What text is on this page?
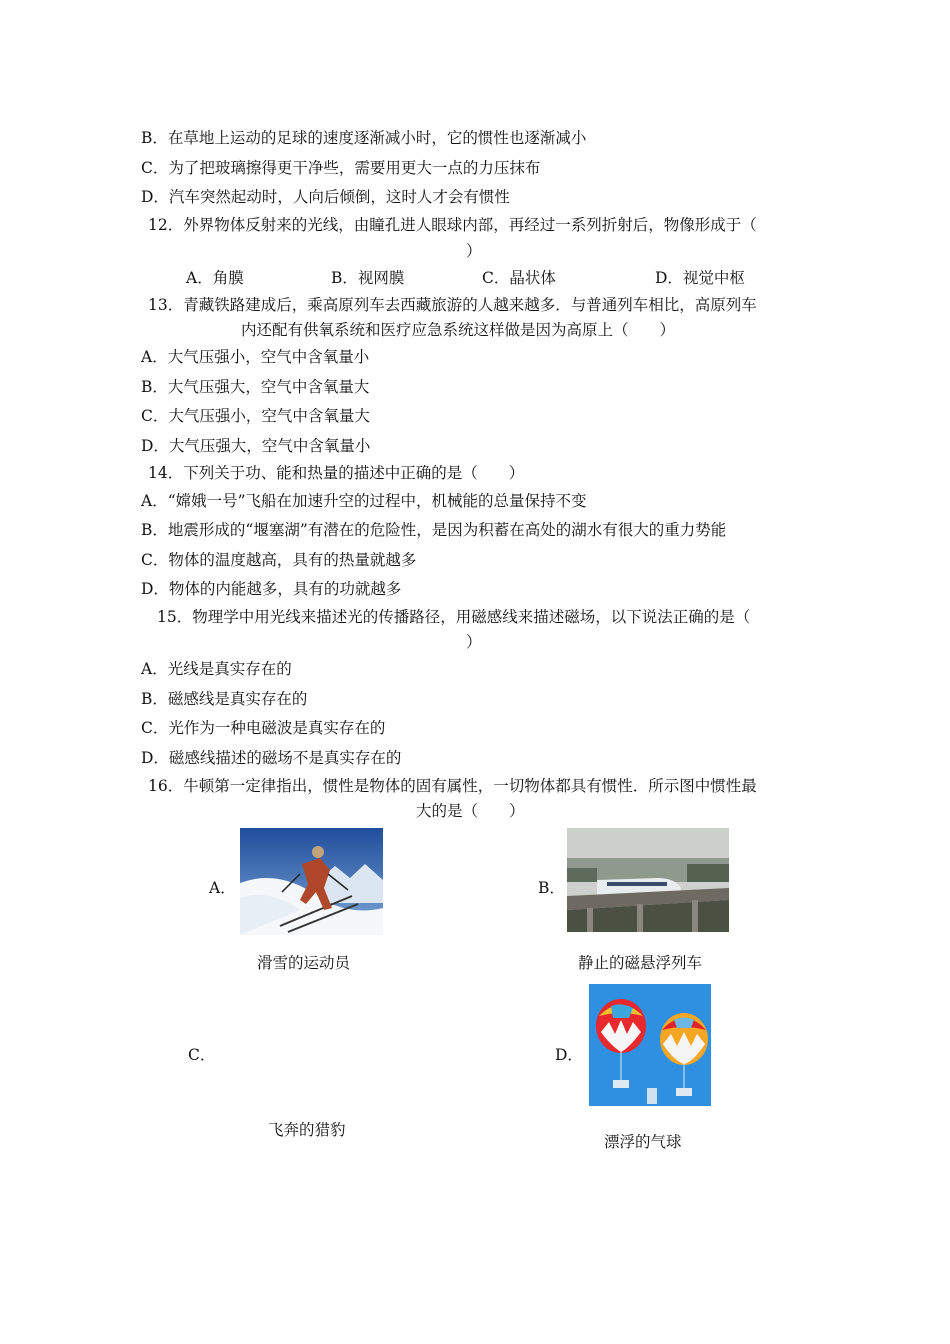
B．在草地上运动的足球的速度逐渐减小时，它的惯性也逐渐减小
C．为了把玻璃擦得更干净些，需要用更大一点的力压抹布
D．汽车突然起动时，人向后倾倒，这时人才会有惯性
12．外界物体反射来的光线，由瞳孔进人眼球内部，再经过一系列折射后，物像形成于（
）
A．角膜	B．视网膜	C．晶状体	D．视觉中枢
13．青藏铁路建成后，乘高原列车去西藏旅游的人越来越多．与普通列车相比，高原列车
内还配有供氧系统和医疗应急系统这样做是因为高原上（　　）
A．大气压强小，空气中含氧量小
B．大气压强大，空气中含氧量大
C．大气压强小，空气中含氧量大
D．大气压强大，空气中含氧量小
14．下列关于功、能和热量的描述中正确的是（　　）
A．“嫦娥一号”飞船在加速升空的过程中，机械能的总量保持不变
B．地震形成的“堰塞湖”有潜在的危险性，是因为积蓄在高处的湖水有很大的重力势能
C．物体的温度越高，具有的热量就越多
D．物体的内能越多，具有的功就越多
15．物理学中用光线来描述光的传播路径，用磁感线来描述磁场，以下说法正确的是（
）
A．光线是真实存在的
B．磁感线是真实存在的
C．光作为一种电磁波是真实存在的
D．磁感线描述的磁场不是真实存在的
16．牛顿第一定律指出，惯性是物体的固有属性，一切物体都具有惯性．所示图中惯性最
大的是（　　）
A．
滑雪的运动员
B．
静止的磁悬浮列车
C．
飞奔的猎豹
D．
漂浮的气球
